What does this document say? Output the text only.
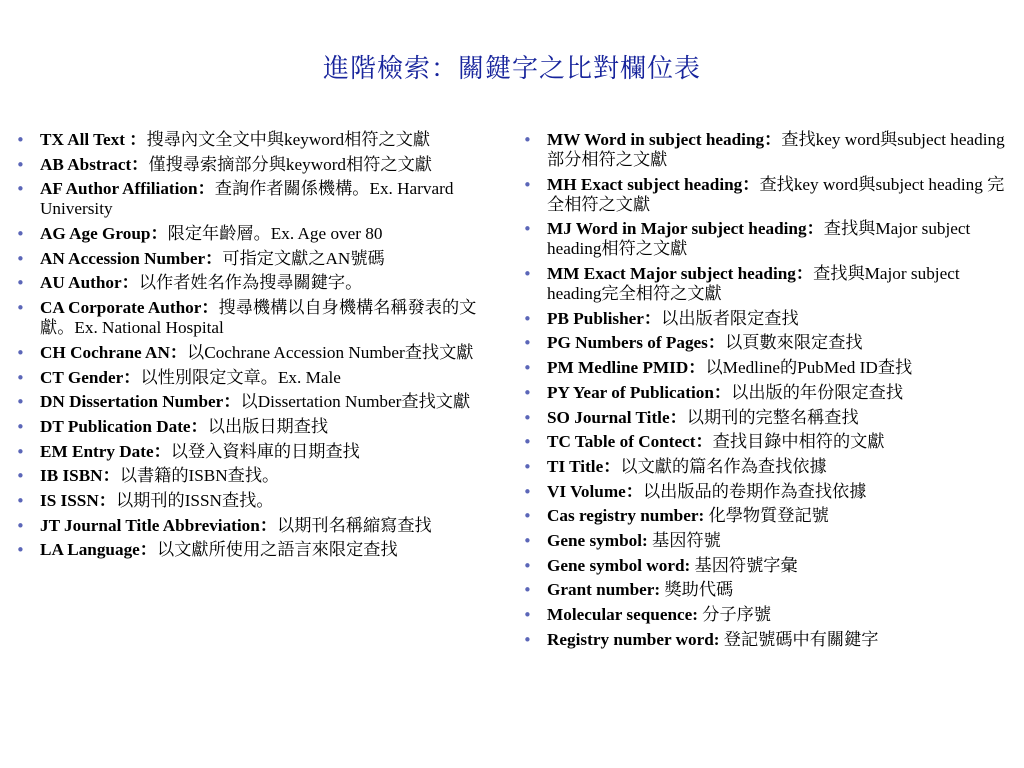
進階檢索：關鍵字之比對欄位表
• TX All Text ：搜尋內文全文中與keyword相符之文獻
• AB Abstract：僅搜尋索摘部分與keyword相符之文獻
• AF Author Affiliation：查詢作者關係機構。Ex. Harvard University
• AG Age Group：限定年齡層。Ex. Age over 80
• AN Accession Number：可指定文獻之AN號碼
• AU Author：以作者姓名作為搜尋關鍵字。
• CA Corporate Author：搜尋機構以自身機構名稱發表的文獻。Ex. National Hospital
• CH Cochrane AN：以Cochrane Accession Number查找文獻
• CT Gender：以性別限定文章。Ex. Male
• DN Dissertation Number：以Dissertation Number查找文獻
• DT Publication Date：以出版日期查找
• EM Entry Date：以登入資料庫的日期查找
• IB ISBN：以書籍的ISBN查找。
• IS ISSN：以期刊的ISSN查找。
• JT Journal Title Abbreviation：以期刊名稱縮寫查找
• LA Language：以文獻所使用之語言來限定查找
• MW Word in subject heading：查找key word與subject heading部分相符之文獻
• MH Exact subject heading：查找key word與subject heading 完全相符之文獻
• MJ Word in Major subject heading：查找與Major subject heading相符之文獻
• MM Exact Major subject heading：查找與Major subject heading完全相符之文獻
• PB Publisher：以出版者限定查找
• PG Numbers of Pages：以頁數來限定查找
• PM Medline PMID：以Medline的PubMed ID查找
• PY Year of Publication：以出版的年份限定查找
• SO Journal Title：以期刊的完整名稱查找
• TC Table of Contect：查找目錄中相符的文獻
• TI Title：以文獻的篇名作為查找依據
• VI Volume：以出版品的卷期作為查找依據
• Cas registry number: 化學物質登記號
• Gene symbol: 基因符號
• Gene symbol word: 基因符號字彙
• Grant number: 獎助代碼
• Molecular sequence: 分子序號
• Registry number word: 登記號碼中有關鍵字
